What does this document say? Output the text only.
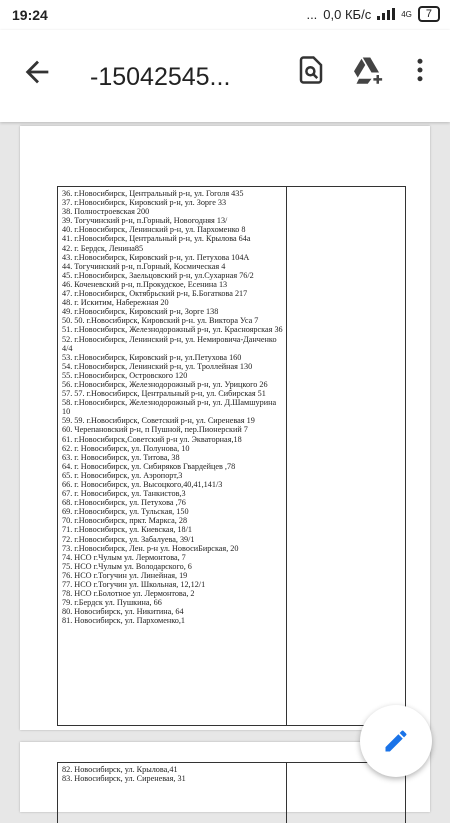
19:24	... 0,0 КБ/с	4G	7
-15042545...
36. г.Новосибирск, Центральный р-н, ул. Гоголя 435
37. г.Новосибирск, Кировский р-н, ул. Зорге 33
38. Полностроевская 200
39. Тогучинский р-н, п.Горный, Новогодняя 13/
40. г.Новосибирск, Ленинский р-н, ул. Пархоменко 8
41. г.Новосибирск, Центральный р-н, ул. Крылова 64а
42. г. Бердск, Ленина85
43. г.Новосибирск, Кировский р-н, ул. Петухова 104А
44. Тогучинский р-н, п.Горный, Космическая 4
45. г.Новосибирск, Заельцовский р-н, ул.Сухарная 76/2
46. Коченевский р-н, п.Прокудское, Есенина 13
47. г.Новосибирск, Октябрьский р-н, Б.Богаткова 217
48. г. Искитим, Набережная 20
49. г.Новосибирск, Кировский р-н, Зорге 138
50. 50. г.Новосибирск, Кировский р-н. ул. Виктора Уса 7
51. г.Новосибирск, Железнодорожный р-н, ул. Красноярская 36
52. г.Новосибирск, Ленинский р-н, ул. Немировича-Данченко 4/4
53. г.Новосибирск, Кировский р-н, ул.Петухова 160
54. г.Новосибирск, Ленинский р-н, ул. Троллейная 130
55. г.Новосибирск, Островского 120
56. г.Новосибирск, Железнодорожный р-н, ул. Урицкого 26
57. 57. г.Новосибирск, Центральный р-н, ул. Сибирская 51
58. г.Новосибирск, Железнодорожный р-н, ул. Д.Шамшурина 10
59. 59. г.Новосибирск, Советский р-н, ул. Сиреневая 19
60. Черепановский р-н, п Пушной, пер.Пионерский 7
61. г.Новосибирск,Советский р-н ул. Экваторная,18
62. г. Новосибирск, ул. Полунова, 10
63. г. Новосибирск, ул. Титова, 38
64. г. Новосибирск, ул. Сибиряков Гвардейцев ,78
65. г. Новосибирск, ул. Аэропорт,3
66. г. Новосибирск, ул. Высоцкого,40,41,141/3
67. г. Новосибирск, ул. Танкистов,3
68. г.Новосибирск, ул. Петухова ,76
69. г.Новосибирск, ул. Тульская, 150
70. г.Новосибирск, пркт. Маркса, 28
71. г.Новосибирск, ул. Киевская, 18/1
72. г.Новосибирск, ул. Забалуева, 39/1
73. г.Новосибирск, Лен. р-н ул. НовосиБирская, 20
74. НСО г.Чулым ул. Лермонтова, 7
75. НСО г.Чулым ул. Володарского, 6
76. НСО г.Тогучин ул. Линейная, 19
77. НСО г.Тогучин ул. Школьная, 12,12/1
78. НСО г.Болотное ул. Лермонтова, 2
79. г.Бердск ул. Пушкина, 66
80. Новосибирск, ул. Никитина, 64
81. Новосибирск, ул. Пархоменко,1
82. Новосибирск, ул. Крылова,41
83. Новосибирск, ул. Сиреневая, 31
